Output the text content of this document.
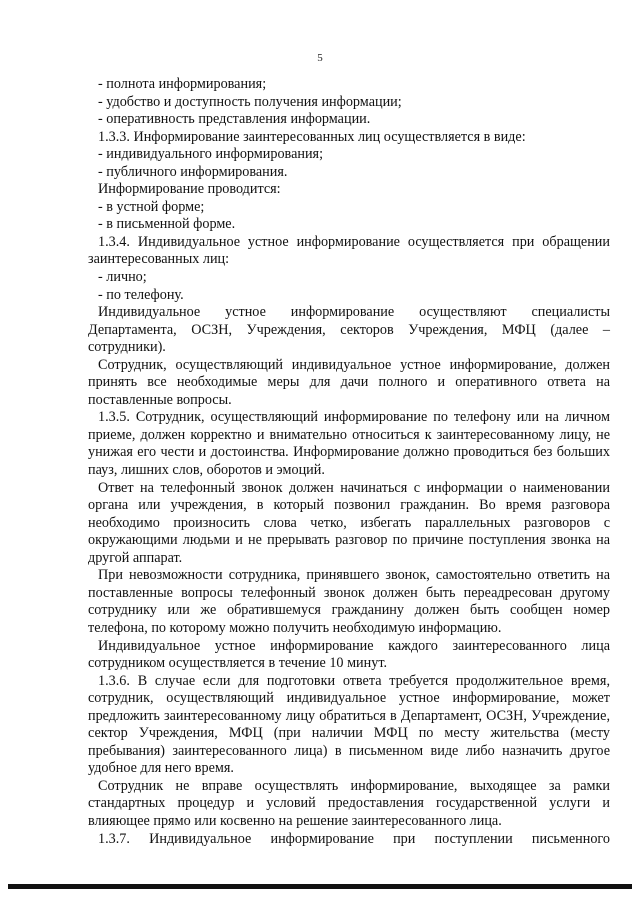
5

- полнота информирования;

- удобство и доступность получения информации;

- оперативность представления информации.

1.3.3. Информирование заинтересованных лиц осуществляется в виде:

- индивидуального информирования;

- публичного информирования.

Информирование проводится:

- в устной форме;

- в письменной форме.

1.3.4. Индивидуальное устное информирование осуществляется при обращении заинтересованных лиц:

- лично;

- по телефону.

Индивидуальное устное информирование осуществляют специалисты Департамента, ОСЗН, Учреждения, секторов Учреждения, МФЦ (далее – сотрудники).

Сотрудник, осуществляющий индивидуальное устное информирование, должен принять все необходимые меры для дачи полного и оперативного ответа на поставленные вопросы.

1.3.5. Сотрудник, осуществляющий информирование по телефону или на личном приеме, должен корректно и внимательно относиться к заинтересованному лицу, не унижая его чести и достоинства. Информирование должно проводиться без больших пауз, лишних слов, оборотов и эмоций.

Ответ на телефонный звонок должен начинаться с информации о наименовании органа или учреждения, в который позвонил гражданин. Во время разговора необходимо произносить слова четко, избегать параллельных разговоров с окружающими людьми и не прерывать разговор по причине поступления звонка на другой аппарат.

При невозможности сотрудника, принявшего звонок, самостоятельно ответить на поставленные вопросы телефонный звонок должен быть переадресован другому сотруднику или же обратившемуся гражданину должен быть сообщен номер телефона, по которому можно получить необходимую информацию.

Индивидуальное устное информирование каждого заинтересованного лица сотрудником осуществляется в течение 10 минут.

1.3.6. В случае если для подготовки ответа требуется продолжительное время, сотрудник, осуществляющий индивидуальное устное информирование, может предложить заинтересованному лицу обратиться в Департамент, ОСЗН, Учреждение, сектор Учреждения, МФЦ (при наличии МФЦ по месту жительства (месту пребывания) заинтересованного лица) в письменном виде либо назначить другое удобное для него время.

Сотрудник не вправе осуществлять информирование, выходящее за рамки стандартных процедур и условий предоставления государственной услуги и влияющее прямо или косвенно на решение заинтересованного лица.

1.3.7. Индивидуальное информирование при поступлении письменного
